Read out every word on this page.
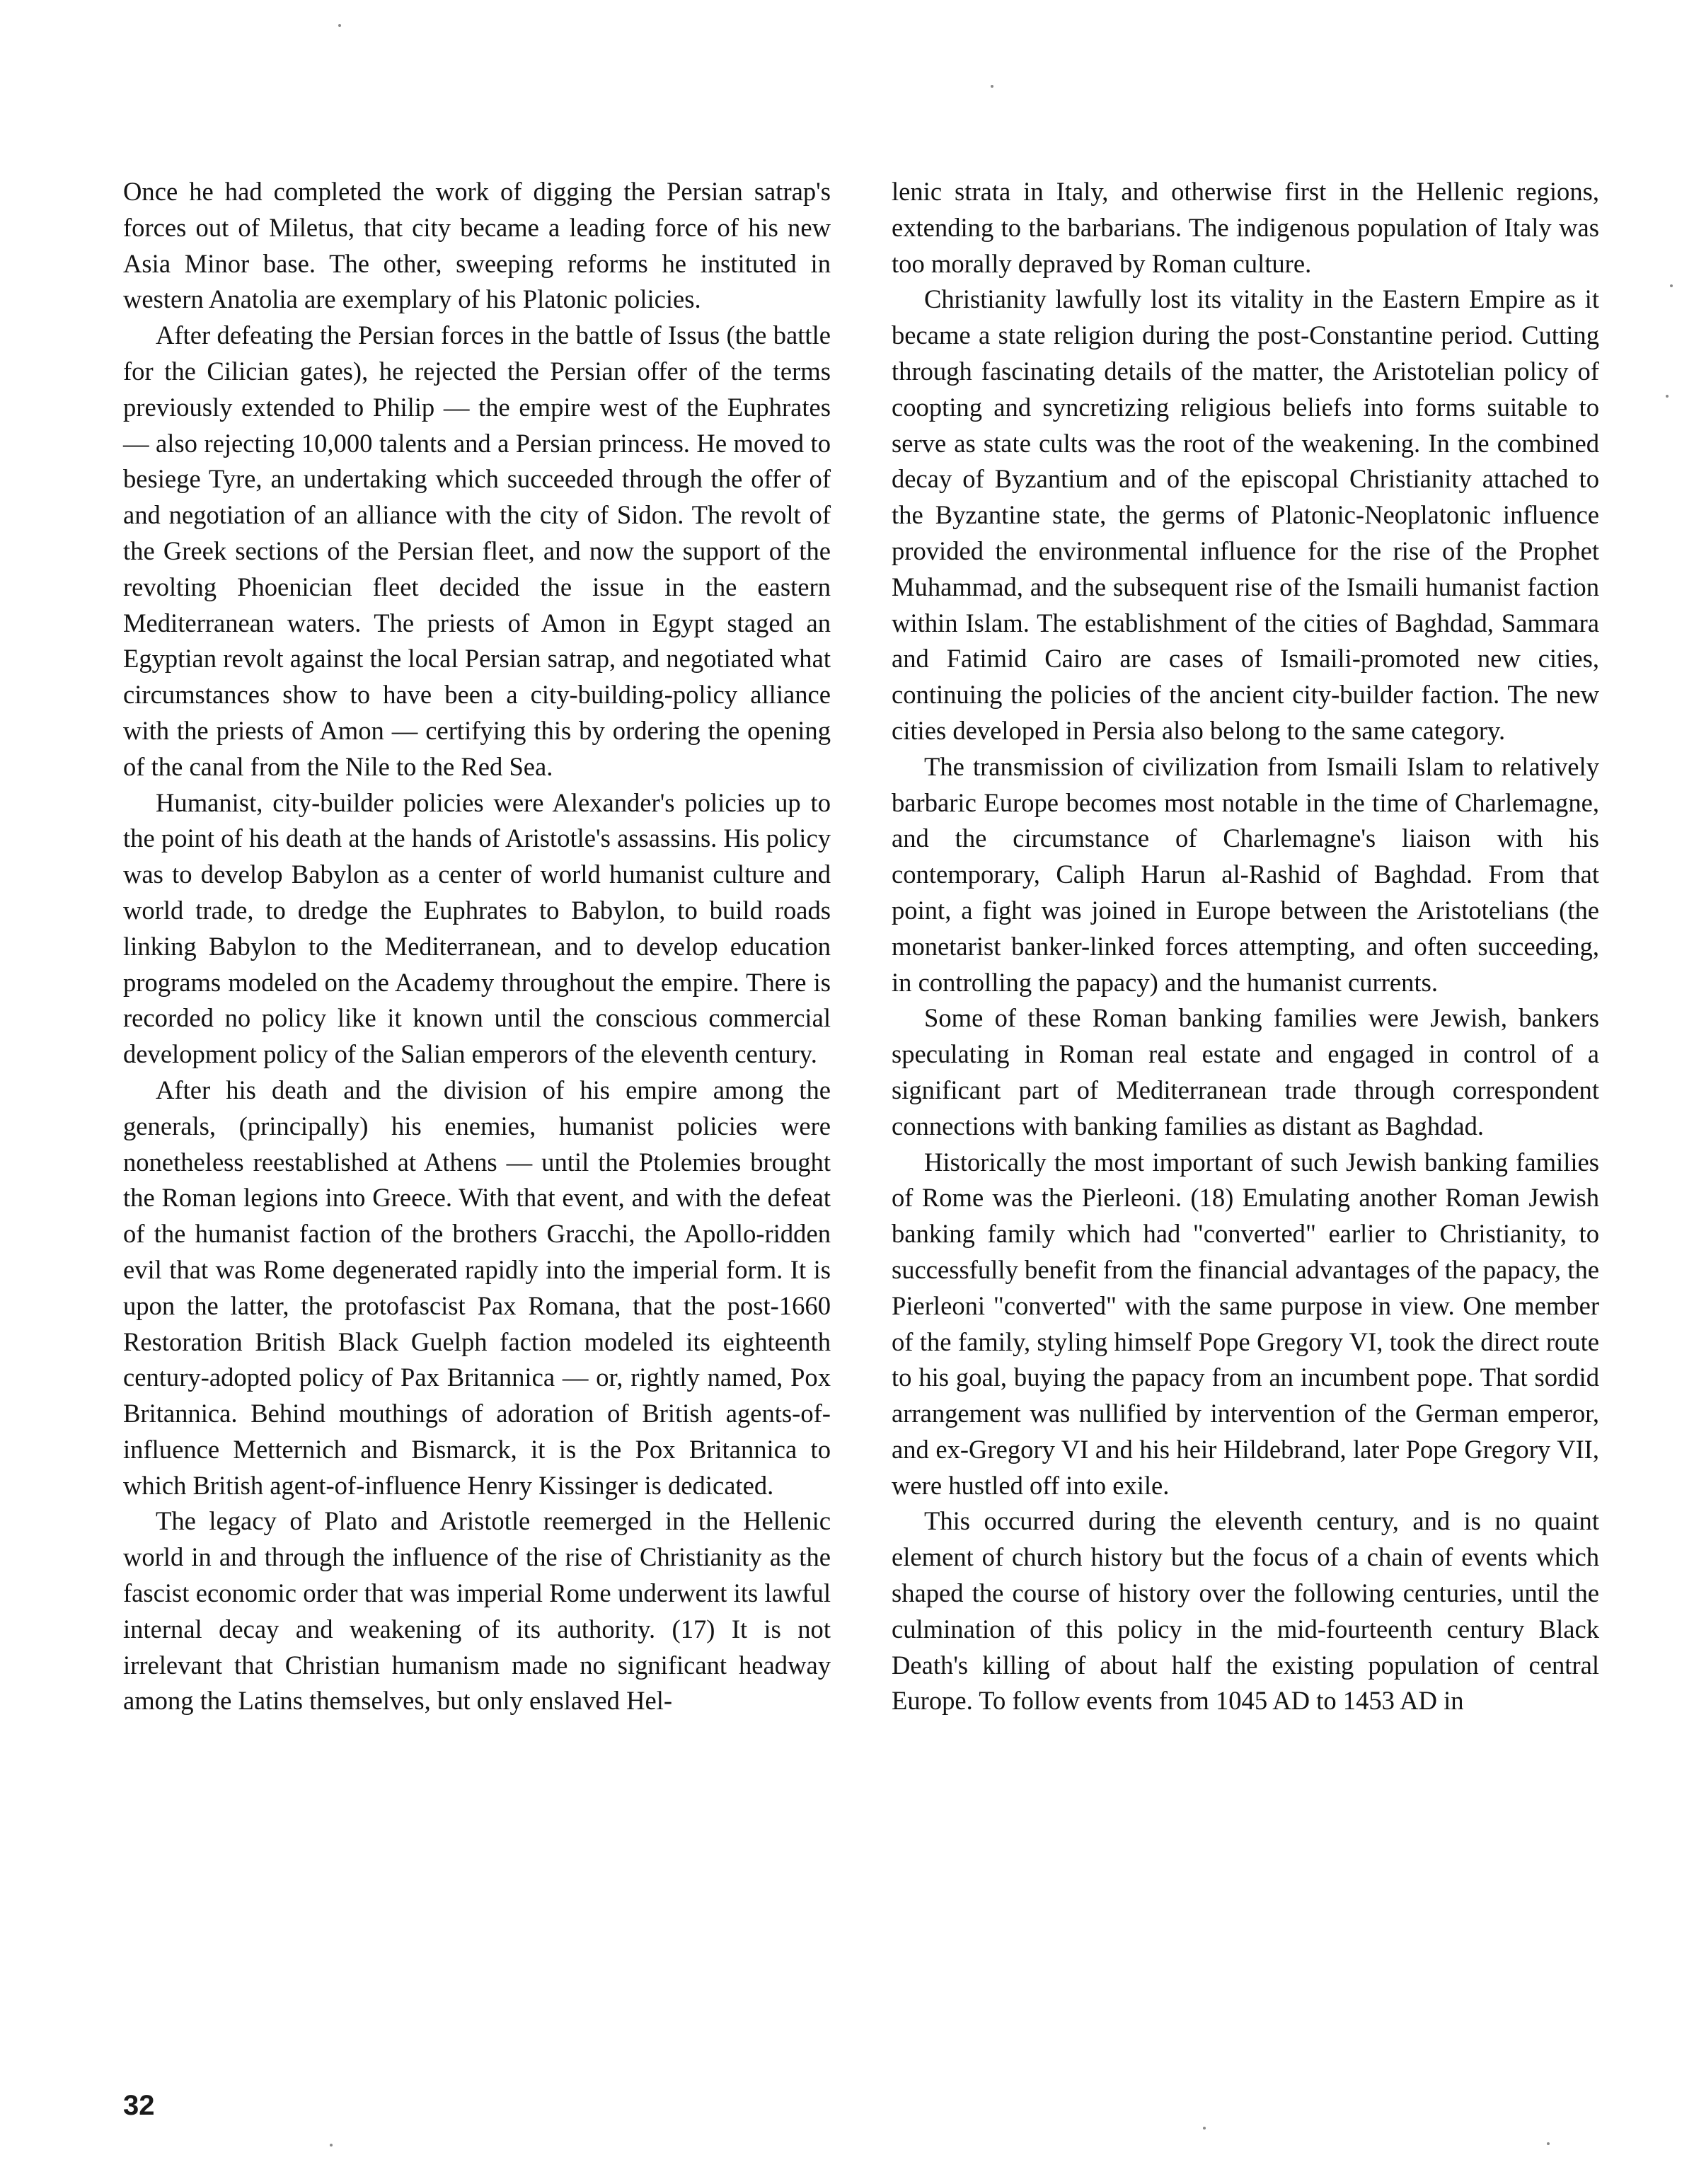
Once he had completed the work of digging the Persian satrap's forces out of Miletus, that city became a leading force of his new Asia Minor base. The other, sweeping reforms he instituted in western Anatolia are exemplary of his Platonic policies.

After defeating the Persian forces in the battle of Issus (the battle for the Cilician gates), he rejected the Persian offer of the terms previously extended to Philip — the empire west of the Euphrates — also rejecting 10,000 talents and a Persian princess. He moved to besiege Tyre, an undertaking which succeeded through the offer of and negotiation of an alliance with the city of Sidon. The revolt of the Greek sections of the Persian fleet, and now the support of the revolting Phoenician fleet decided the issue in the eastern Mediterranean waters. The priests of Amon in Egypt staged an Egyptian revolt against the local Persian satrap, and negotiated what circumstances show to have been a city-building-policy alliance with the priests of Amon — certifying this by ordering the opening of the canal from the Nile to the Red Sea.

Humanist, city-builder policies were Alexander's policies up to the point of his death at the hands of Aristotle's assassins. His policy was to develop Babylon as a center of world humanist culture and world trade, to dredge the Euphrates to Babylon, to build roads linking Babylon to the Mediterranean, and to develop education programs modeled on the Academy throughout the empire. There is recorded no policy like it known until the conscious commercial development policy of the Salian emperors of the eleventh century.

After his death and the division of his empire among the generals, (principally) his enemies, humanist policies were nonetheless reestablished at Athens — until the Ptolemies brought the Roman legions into Greece. With that event, and with the defeat of the humanist faction of the brothers Gracchi, the Apollo-ridden evil that was Rome degenerated rapidly into the imperial form. It is upon the latter, the protofascist Pax Romana, that the post-1660 Restoration British Black Guelph faction modeled its eighteenth century-adopted policy of Pax Britannica — or, rightly named, Pox Britannica. Behind mouthings of adoration of British agents-of-influence Metternich and Bismarck, it is the Pox Britannica to which British agent-of-influence Henry Kissinger is dedicated.

The legacy of Plato and Aristotle reemerged in the Hellenic world in and through the influence of the rise of Christianity as the fascist economic order that was imperial Rome underwent its lawful internal decay and weakening of its authority. (17) It is not irrelevant that Christian humanism made no significant headway among the Latins themselves, but only enslaved Hel-

lenic strata in Italy, and otherwise first in the Hellenic regions, extending to the barbarians. The indigenous population of Italy was too morally depraved by Roman culture.

Christianity lawfully lost its vitality in the Eastern Empire as it became a state religion during the post-Constantine period. Cutting through fascinating details of the matter, the Aristotelian policy of coopting and syncretizing religious beliefs into forms suitable to serve as state cults was the root of the weakening. In the combined decay of Byzantium and of the episcopal Christianity attached to the Byzantine state, the germs of Platonic-Neoplatonic influence provided the environmental influence for the rise of the Prophet Muhammad, and the subsequent rise of the Ismaili humanist faction within Islam. The establishment of the cities of Baghdad, Sammara and Fatimid Cairo are cases of Ismaili-promoted new cities, continuing the policies of the ancient city-builder faction. The new cities developed in Persia also belong to the same category.

The transmission of civilization from Ismaili Islam to relatively barbaric Europe becomes most notable in the time of Charlemagne, and the circumstance of Charlemagne's liaison with his contemporary, Caliph Harun al-Rashid of Baghdad. From that point, a fight was joined in Europe between the Aristotelians (the monetarist banker-linked forces attempting, and often succeeding, in controlling the papacy) and the humanist currents.

Some of these Roman banking families were Jewish, bankers speculating in Roman real estate and engaged in control of a significant part of Mediterranean trade through correspondent connections with banking families as distant as Baghdad.

Historically the most important of such Jewish banking families of Rome was the Pierleoni. (18) Emulating another Roman Jewish banking family which had "converted" earlier to Christianity, to successfully benefit from the financial advantages of the papacy, the Pierleoni "converted" with the same purpose in view. One member of the family, styling himself Pope Gregory VI, took the direct route to his goal, buying the papacy from an incumbent pope. That sordid arrangement was nullified by intervention of the German emperor, and ex-Gregory VI and his heir Hildebrand, later Pope Gregory VII, were hustled off into exile.

This occurred during the eleventh century, and is no quaint element of church history but the focus of a chain of events which shaped the course of history over the following centuries, until the culmination of this policy in the mid-fourteenth century Black Death's killing of about half the existing population of central Europe. To follow events from 1045 AD to 1453 AD in

32
